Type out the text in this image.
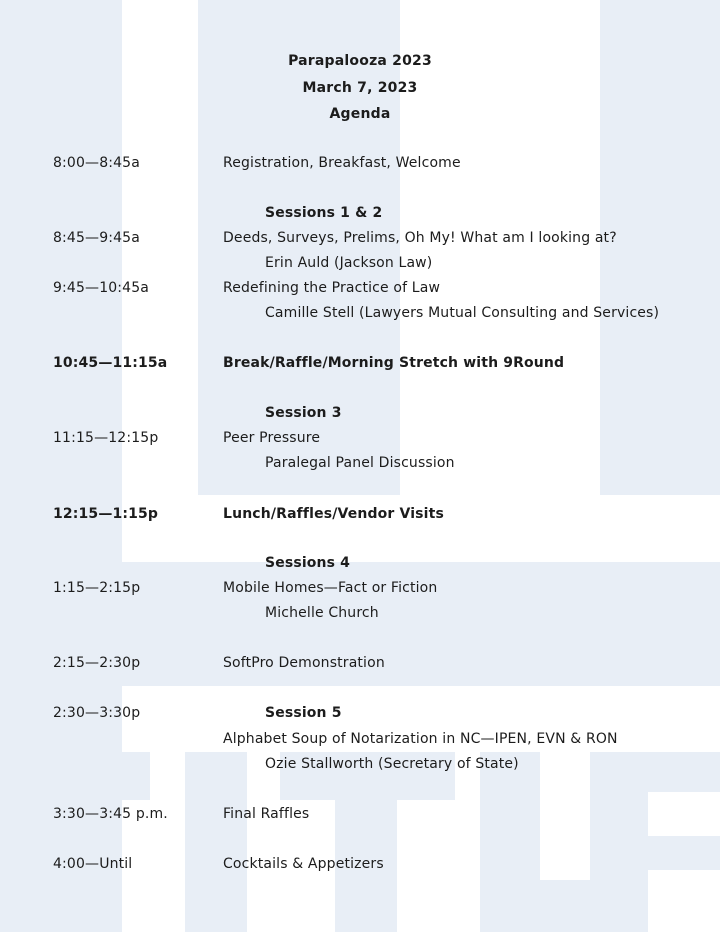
Parapalooza 2023
March 7, 2023
Agenda
8:00—8:45a	Registration, Breakfast, Welcome
Sessions 1 & 2
8:45—9:45a	Deeds, Surveys, Prelims, Oh My! What am I looking at?
Erin Auld (Jackson Law)
9:45—10:45a	Redefining the Practice of Law
Camille Stell (Lawyers Mutual Consulting and Services)
10:45—11:15a	Break/Raffle/Morning Stretch with 9Round
Session 3
11:15—12:15p	Peer Pressure
Paralegal Panel Discussion
12:15—1:15p	Lunch/Raffles/Vendor Visits
Sessions 4
1:15—2:15p	Mobile Homes—Fact or Fiction
Michelle Church
2:15—2:30p	SoftPro Demonstration
2:30—3:30p	Session 5
Alphabet Soup of Notarization in NC—IPEN, EVN & RON
Ozie Stallworth (Secretary of State)
3:30—3:45 p.m.	Final Raffles
4:00—Until	Cocktails & Appetizers
